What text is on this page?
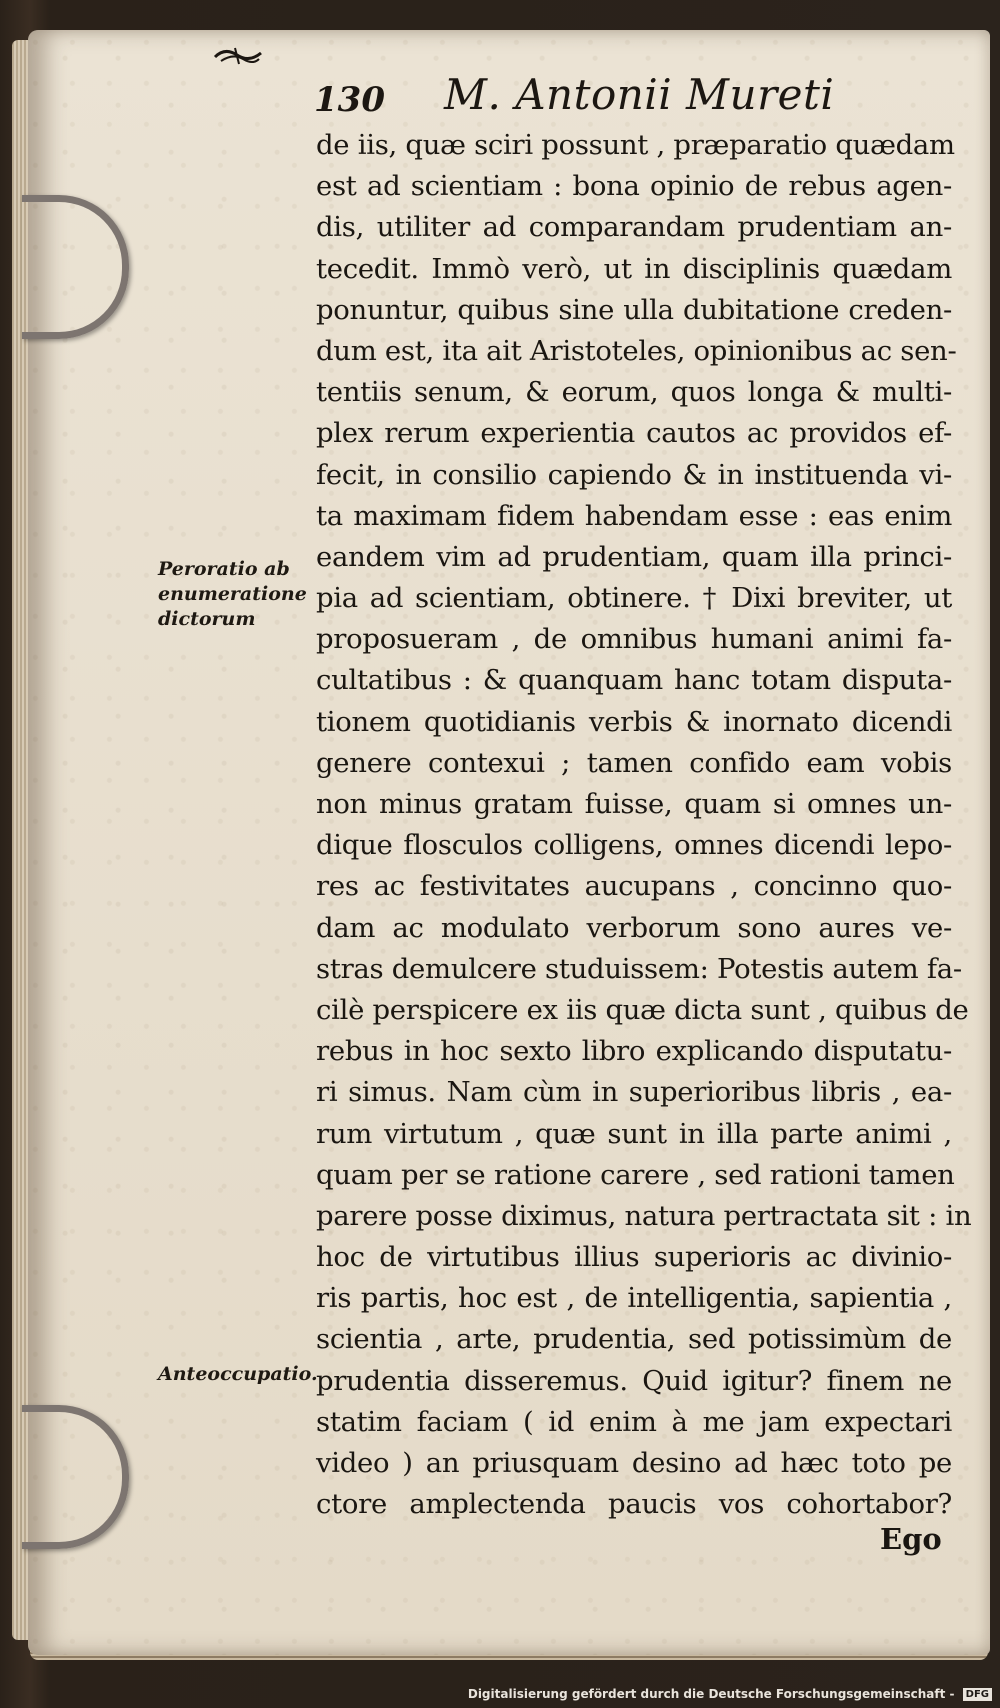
130 M. Antonii Mureti
de iis, quæ sciri possunt , præparatio quædam
est ad scientiam : bona opinio de rebus agen-
dis, utiliter ad comparandam prudentiam an-
tecedit. Immò verò, ut in disciplinis quædam
ponuntur, quibus sine ulla dubitatione creden-
dum est, ita ait Aristoteles, opinionibus ac sen-
tentiis senum, & eorum, quos longa & multi-
plex rerum experientia cautos ac providos ef-
fecit, in consilio capiendo & in instituenda vi-
ta maximam fidem habendam esse : eas enim
eandem vim ad prudentiam, quam illa princi-
pia ad scientiam, obtinere. † Dixi breviter, ut
proposueram , de omnibus humani animi fa-
cultatibus : & quanquam hanc totam disputa-
tionem quotidianis verbis & inornato dicendi
genere contexui ; tamen confido eam vobis
non minus gratam fuisse, quam si omnes un-
dique flosculos colligens, omnes dicendi lepo-
res ac festivitates aucupans , concinno quo-
dam ac modulato verborum sono aures ve-
stras demulcere studuissem: Potestis autem fa-
cilè perspicere ex iis quæ dicta sunt , quibus de
rebus in hoc sexto libro explicando disputatu-
ri simus. Nam cùm in superioribus libris , ea-
rum virtutum , quæ sunt in illa parte animi ,
quam per se ratione carere , sed rationi tamen
parere posse diximus, natura pertractata sit : in
hoc de virtutibus illius superioris ac divinio-
ris partis, hoc est , de intelligentia, sapientia ,
scientia , arte, prudentia, sed potissimùm de
prudentia disseremus. Quid igitur? finem ne
statim faciam ( id enim à me jam expectari
video ) an priusquam desino ad hæc toto pe
ctore amplectenda paucis vos cohortabor?
Ego
Peroratio ab enumeratione dictorum
Anteoccupatio.
Digitalisierung gefördert durch die Deutsche Forschungsgemeinschaft - DFG
